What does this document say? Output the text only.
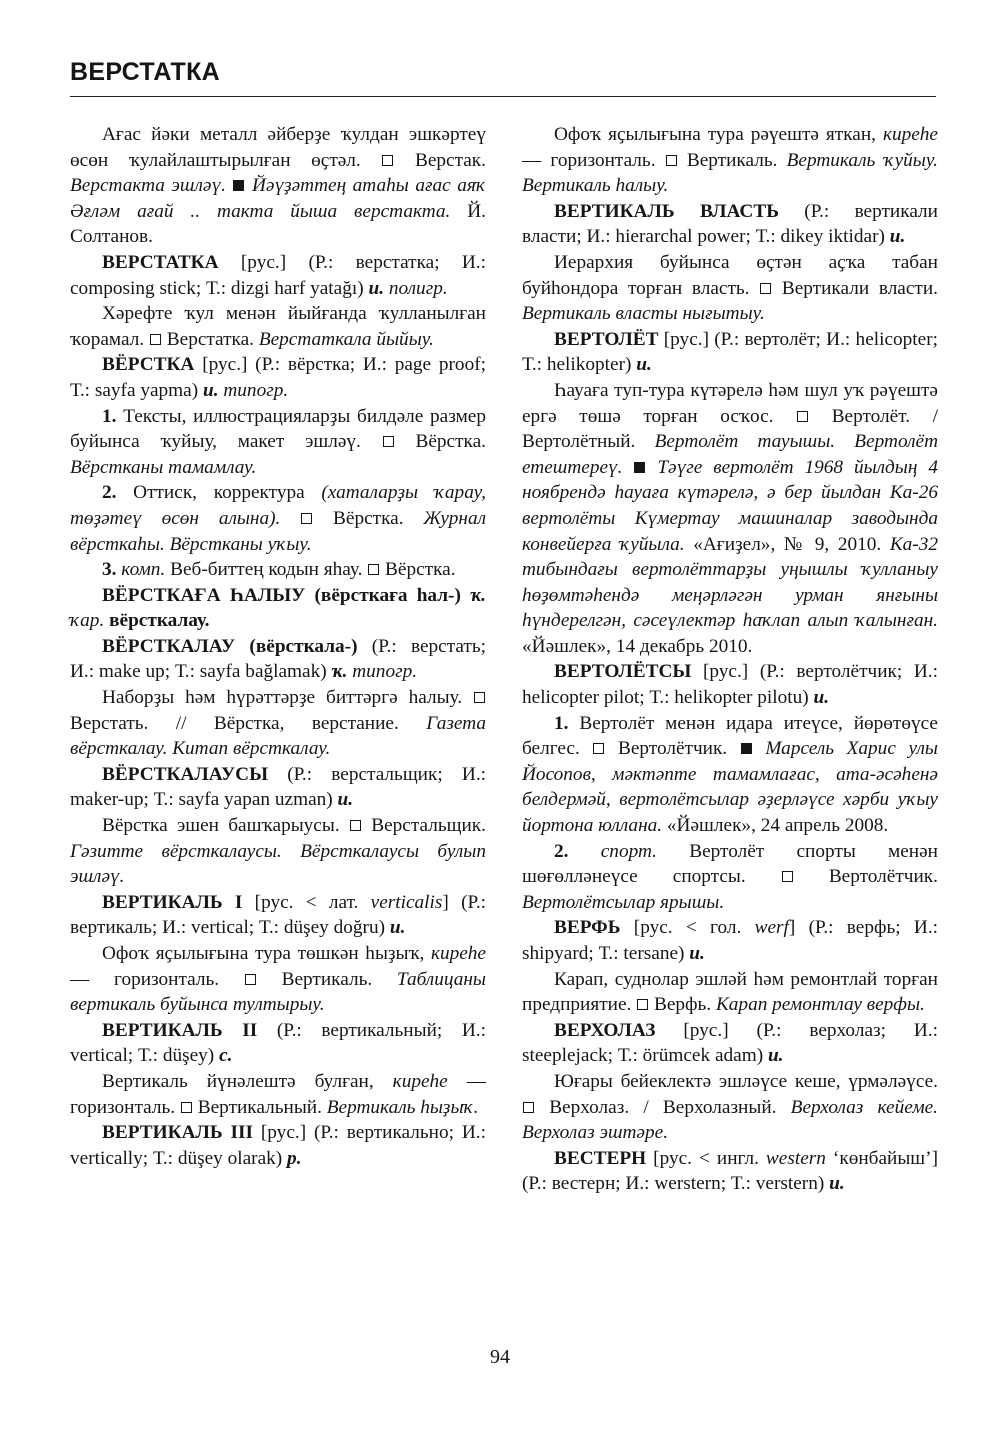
ВЕРСТАТКА

Ағас йәки металл әйберҙе ҡулдан эшкәртеү өсөн ҡулайлаштырылған өҫтәл.  Верстак. Верстакта эшләү. Йәүҙәттең атаһы ағас аяҡ Әғләм ағай .. такта йыша верстакта. Й. Солтанов.

ВЕРСТАТКА [рус.] (Р.: верстатка; И.: composing stick; Т.: dizgi harf yatağı) и. полигр.

Хәрефте ҡул менән йыйғанда ҡулланылған ҡорамал.  Верстатка. Верстаткала йыйыу.

ВЁРСТКА [рус.] (Р.: вёрстка; И.: page proof; Т.: sayfa yapma) и. типогр.

1. Тексты, иллюстрацияларҙы билдәле размер буйынса ҡуйыу, макет эшләү.  Вёрстка. Вёрстканы тамамлау.

2. Оттиск, корректура (хаталарҙы ҡарау, төҙәтеү өсөн алына).  Вёрстка. Журнал вёрсткаһы. Вёрстканы уҡыу.

3. комп. Веб-биттең кодын яһау.  Вёрстка.

ВЁРСТКАҒА ҺАЛЫУ (вёрсткаға һал-) ҡ. ҡар. вёрсткалау.

ВЁРСТКАЛАУ (вёрсткала-) (Р.: верстать; И.: make up; Т.: sayfa bağlamak) ҡ. типогр.

Наборҙы һәм һүрәттәрҙе биттәргә һалыу.  Верстать. // Вёрстка, верстание. Газета вёрсткалау. Китап вёрсткалау.

ВЁРСТКАЛАУСЫ (Р.: верстальщик; И.: maker-up; Т.: sayfa yapan uzman) и.

Вёрстка эшен башҡарыусы.  Верстальщик. Гәзитте вёрсткалаусы. Вёрсткалаусы булып эшләү.

ВЕРТИКАЛЬ I [рус. < лат. verticalis] (Р.: вертикаль; И.: vertical; Т.: düşey doğru) и.

Офоҡ яҫылығына тура төшкән һыҙыҡ, киреһе — горизонталь.  Вертикаль. Таблицаны вертикаль буйынса тултырыу.

ВЕРТИКАЛЬ II (Р.: вертикальный; И.: vertical; Т.: düşey) с.

Вертикаль йүнәлештә булған, киреһе — горизонталь.  Вертикальный. Вертикаль һыҙыҡ.

ВЕРТИКАЛЬ III [рус.] (Р.: вертикально; И.: vertically; Т.: düşey olarak) р.

Офоҡ яҫылығына тура рәүештә яткан, киреһе — горизонталь.  Вертикаль. Вертикаль ҡуйыу. Вертикаль һалыу.

ВЕРТИКАЛЬ ВЛАСТЬ (Р.: вертикали власти; И.: hierarchal power; Т.: dikey iktidar) и.

Иерархия буйынса өҫтән аҫҡа табан буйһондора торған власть.  Вертикали власти. Вертикаль власты нығытыу.

ВЕРТОЛЁТ [рус.] (Р.: вертолёт; И.: helicopter; Т.: helikopter) и.

Һауаға туп-тура күтәрелә һәм шул уҡ рәүештә ергә төшә торған осҡос.  Вертолёт. / Вертолётный. Вертолёт тауышы. Вертолёт етештереү. Тәүге вертолёт 1968 йылдың 4 ноябрендә һауаға күтәрелә, ә бер йылдан Ка-26 вертолёты Күмертау машиналар заводында конвейерға ҡуйыла. «Ағиҙел», № 9, 2010. Ка-32 тибындағы вертолёттарҙы уңышлы ҡулланыу һөҙөмтәһендә меңәрләгән урман янғыны һүндерелгән, сәсеүлектәр һаҡлап алып ҡалынған. «Йәшлек», 14 декабрь 2010.

ВЕРТОЛЁТСЫ [рус.] (Р.: вертолётчик; И.: helicopter pilot; Т.: helikopter pilotu) и.

1. Вертолёт менән идара итеүсе, йөрөтөүсе белгес.  Вертолётчик.  Марсель Харис улы Йосопов, мәктәпте тамамлағас, ата-әсәһенә белдермәй, вертолётсылар әҙерләүсе хәрби уҡыу йортона юллана. «Йәшлек», 24 апрель 2008.

2. спорт. Вертолёт спорты менән шөғөлләнеүсе спортсы.  Вертолётчик. Вертолётсылар ярышы.

ВЕРФЬ [рус. < гол. werf] (Р.: верфь; И.: shipyard; Т.: tersane) и.

Карап, суднолар эшләй һәм ремонтлай торған предприятие.  Верфь. Карап ремонтлау верфы.

ВЕРХОЛАЗ [рус.] (Р.: верхолаз; И.: steeplejack; Т.: örümcek adam) и.

Юғары бейеклектә эшләүсе кеше, үрмәләүсе.  Верхолаз. / Верхолазный. Верхолаз кейеме. Верхолаз эштәре.

ВЕСТЕРН [рус. < ингл. western ‘көнбайыш’] (Р.: вестерн; И.: werstern; Т.: verstern) и.

94
